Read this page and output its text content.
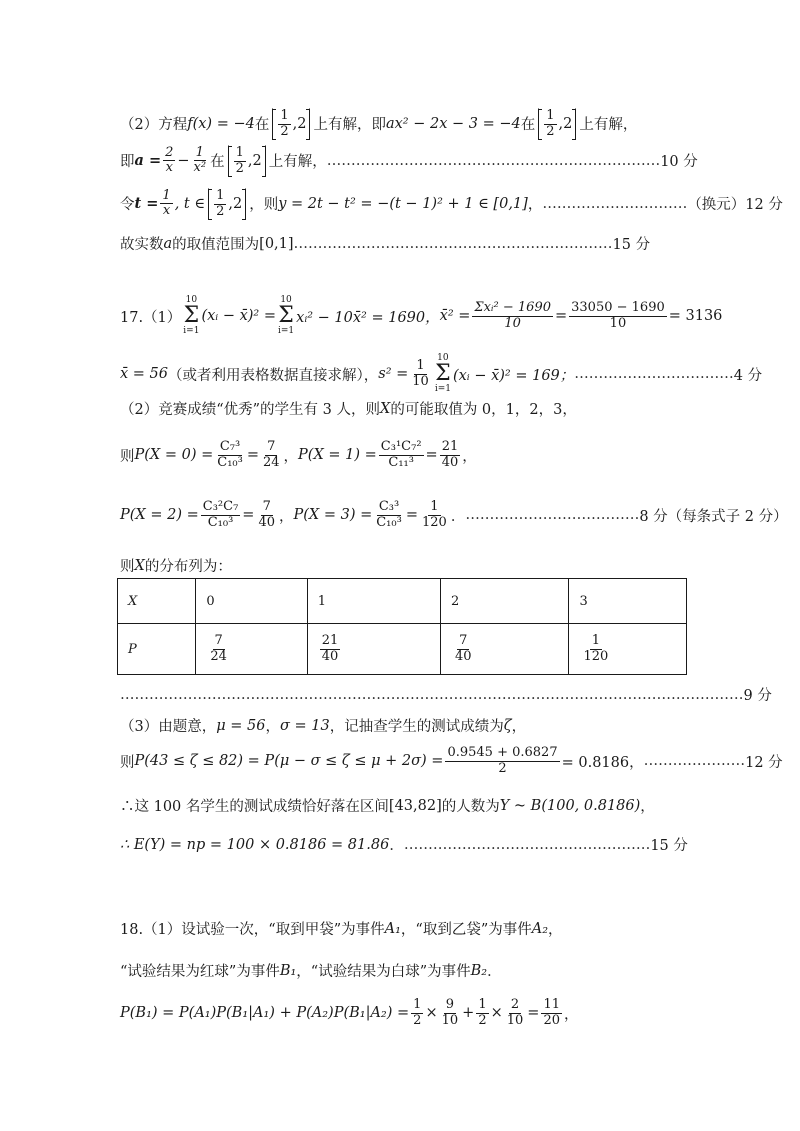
（2）方程 f(x) = −4 在 $\frac{1}{2}$ , 2 上有解，即 ax² − 2x − 3 = −4 在 $\frac{1}{2}$ , 2 上有解，
即 $a = \frac{2}{x} - \frac{1}{\text{x²}}$ 在 $\frac{1}{2}$ , 2 上有解， …………………………………………………………… 10 分
令 $t = \frac{1}{x}$ , t ∈ $\frac{1}{2}$ , 2 ，则 y = 2t − t² = −(t − 1)² + 1 ∈ [0,1] ， ………………………… （换元）12 分
故实数 a 的取值范围为 [0,1] ………………………………………………………… 15 分
17.（1）
10
Σ
i=1
(xᵢ − x̄)² =
10
Σ
i=1
xᵢ² − 10x̄² = 1690， x̄² = $\frac{\text{Σxᵢ² − 1690}}{10} = \frac{33050 - 1690}{10} = 3136$
x̄ = 56 （或者利用表格数据直接求解）， $s^2 = \frac{1}{10}$
10
Σ
i=1
(xᵢ − x̄)² = 169； …………………………… 4 分
（2）竞赛成绩“优秀”的学生有 3 人，则 X 的可能取值为 0，1，2，3，
则 $P(X = 0) = \frac{\text{C₇³}}{\text{C₁₀³}} = \frac{7}{24}$ ， $P(X = 1) = \frac{\text{C₃¹C₇²}}{\text{C₁₁³}} = \frac{21}{40}$ ，
$P(X = 2) = \frac{\text{C₃²C₇}}{\text{C₁₀³}} = \frac{7}{40}$ ， $P(X = 3) = \frac{\text{C₃³}}{\text{C₁₀³}} = \frac{1}{120}$ ． ……………………………… 8 分（每条式子 2 分）
则 X 的分布列为：
X	0	1	2	3
P	$\frac{7}{24}$	$\frac{21}{40}$	$\frac{7}{40}$	$\frac{1}{120}$
………………………………………………………………………………………………………………… 9 分
（3）由题意， μ = 56 ， σ = 13 ，记抽查学生的测试成绩为 ζ ，
则 $P(43 \le \zeta \le 82) = P(\mu - \sigma \le \zeta \le \mu + 2\sigma) = \frac{0.9545 + 0.6827}{2} = 0.8186$， ………………… 12 分
∴这 100 名学生的测试成绩恰好落在区间 [43,82] 的人数为 Y ~ B(100, 0.8186) ，
∴ E(Y) = np = 100 × 0.8186 = 81.86 ． …………………………………………… 15 分
18.（1）设试验一次，“取到甲袋”为事件 A₁ ，“取到乙袋”为事件 A₂ ，
“试验结果为红球”为事件 B₁ ，“试验结果为白球”为事件 B₂ ．
$P(B_1) = P(A_1)P(B_1|A_1) + P(A_2)P(B_1|A_2) = \frac{1}{2} \times \frac{9}{10} + \frac{1}{2} \times \frac{2}{10} = \frac{11}{20}$ ，
